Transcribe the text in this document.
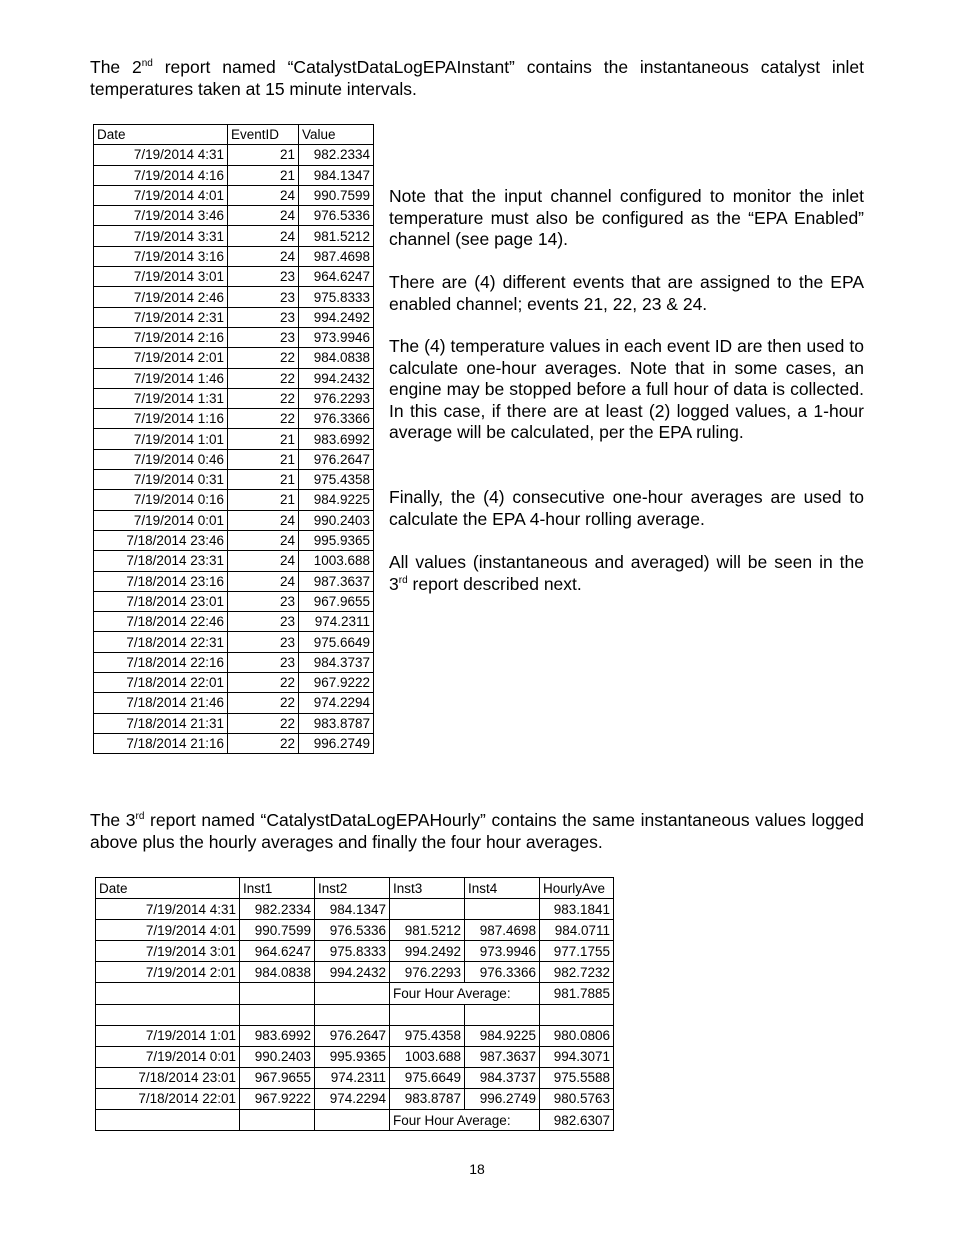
The 2nd report named “CatalystDataLogEPAInstant” contains the instantaneous catalyst inlet temperatures taken at 15 minute intervals.

Date	EventID	Value
7/19/2014 4:31	21	982.2334
7/19/2014 4:16	21	984.1347
7/19/2014 4:01	24	990.7599
7/19/2014 3:46	24	976.5336
7/19/2014 3:31	24	981.5212
7/19/2014 3:16	24	987.4698
7/19/2014 3:01	23	964.6247
7/19/2014 2:46	23	975.8333
7/19/2014 2:31	23	994.2492
7/19/2014 2:16	23	973.9946
7/19/2014 2:01	22	984.0838
7/19/2014 1:46	22	994.2432
7/19/2014 1:31	22	976.2293
7/19/2014 1:16	22	976.3366
7/19/2014 1:01	21	983.6992
7/19/2014 0:46	21	976.2647
7/19/2014 0:31	21	975.4358
7/19/2014 0:16	21	984.9225
7/19/2014 0:01	24	990.2403
7/18/2014 23:46	24	995.9365
7/18/2014 23:31	24	1003.688
7/18/2014 23:16	24	987.3637
7/18/2014 23:01	23	967.9655
7/18/2014 22:46	23	974.2311
7/18/2014 22:31	23	975.6649
7/18/2014 22:16	23	984.3737
7/18/2014 22:01	22	967.9222
7/18/2014 21:46	22	974.2294
7/18/2014 21:31	22	983.8787
7/18/2014 21:16	22	996.2749

Note that the input channel configured to monitor the inlet temperature must also be configured as the “EPA Enabled” channel (see page 14).

There are (4) different events that are assigned to the EPA enabled channel; events 21, 22, 23 & 24.

The (4) temperature values in each event ID are then used to calculate one-hour averages. Note that in some cases, an engine may be stopped before a full hour of data is collected. In this case, if there are at least (2) logged values, a 1-hour average will be calculated, per the EPA ruling.

Finally, the (4) consecutive one-hour averages are used to calculate the EPA 4-hour rolling average.

All values (instantaneous and averaged) will be seen in the 3rd report described next.

The 3rd report named “CatalystDataLogEPAHourly” contains the same instantaneous values logged above plus the hourly averages and finally the four hour averages.

Date	Inst1	Inst2	Inst3	Inst4	HourlyAve
7/19/2014 4:31	982.2334	984.1347			983.1841
7/19/2014 4:01	990.7599	976.5336	981.5212	987.4698	984.0711
7/19/2014 3:01	964.6247	975.8333	994.2492	973.9946	977.1755
7/19/2014 2:01	984.0838	994.2432	976.2293	976.3366	982.7232
			Four Hour Average:		981.7885

7/19/2014 1:01	983.6992	976.2647	975.4358	984.9225	980.0806
7/19/2014 0:01	990.2403	995.9365	1003.688	987.3637	994.3071
7/18/2014 23:01	967.9655	974.2311	975.6649	984.3737	975.5588
7/18/2014 22:01	967.9222	974.2294	983.8787	996.2749	980.5763
			Four Hour Average:		982.6307
18
